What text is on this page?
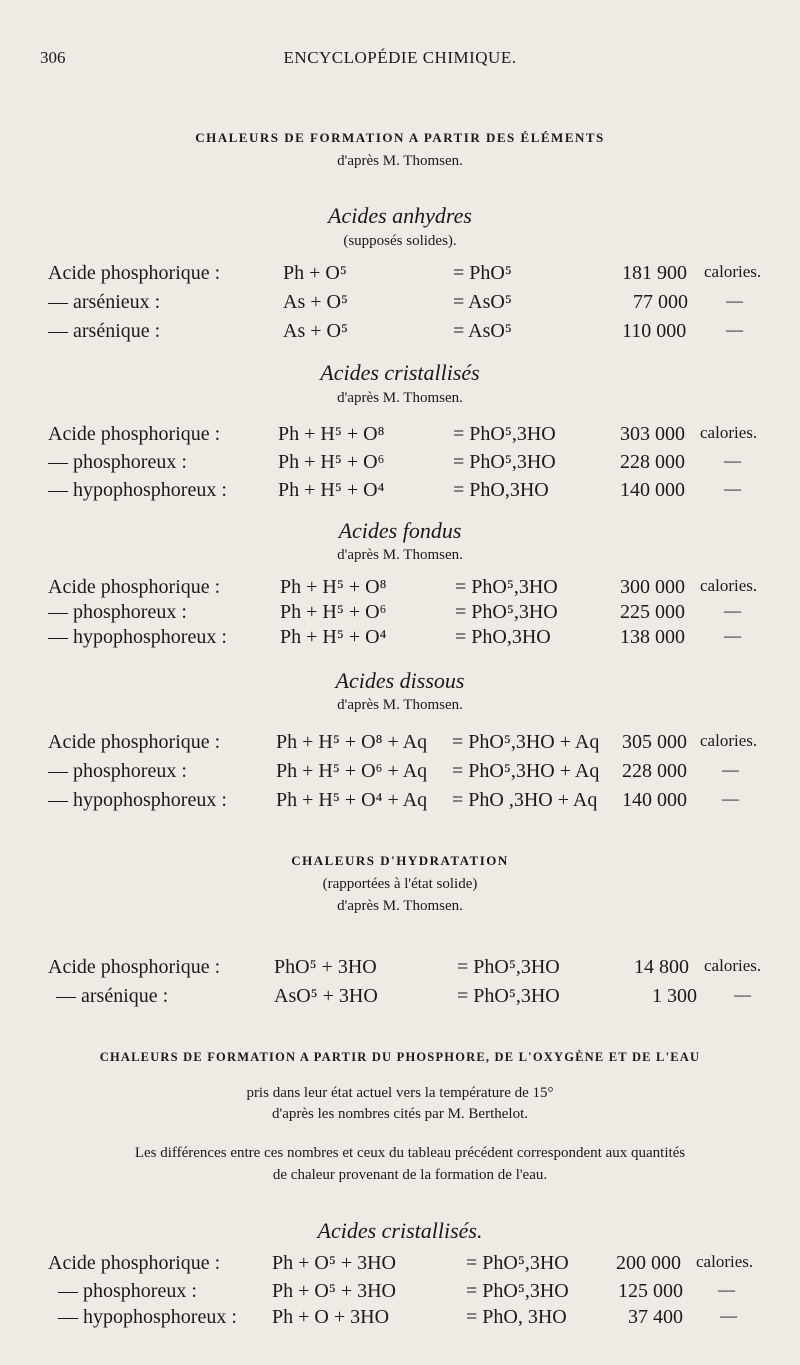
306	ENCYCLOPÉDIE CHIMIQUE.
CHALEURS DE FORMATION A PARTIR DES ÉLÉMENTS
d'après M. Thomsen.
Acides anhydres
(supposés solides).
Acide phosphorique :	Ph + O⁵	= PhO⁵	181 900 calories.
— arsénieux :	As + O⁵	= AsO⁵	77 000 —
— arsénique :	As + O⁵	= AsO⁵	110 000 —
Acides cristallisés
d'après M. Thomsen.
Acide phosphorique :	Ph + H⁵ + O⁸	= PhO⁵,3HO	303 000 calories.
— phosphoreux :	Ph + H⁵ + O⁶	= PhO⁵,3HO	228 000 —
— hypophosphoreux :	Ph + H⁵ + O⁴	= PhO,3HO	140 000 —
Acides fondus
d'après M. Thomsen.
Acide phosphorique :	Ph + H⁵ + O⁸	= PhO⁵,3HO	300 000 calories.
— phosphoreux :	Ph + H⁵ + O⁶	= PhO⁵,3HO	225 000 —
— hypophosphoreux :	Ph + H⁵ + O⁴	= PhO,3HO	138 000 —
Acides dissous
d'après M. Thomsen.
Acide phosphorique :	Ph + H⁵ + O⁸ + Aq = PhO⁵,3HO + Aq 305 000 calories.
— phosphoreux :	Ph + H⁵ + O⁶ + Aq = PhO⁵,3HO + Aq 228 000 —
— hypophosphoreux : Ph + H⁵ + O⁴ + Aq = PhO ,3HO + Aq 140 000 —
CHALEURS D'HYDRATATION
(rapportées à l'état solide)
d'après M. Thomsen.
Acide phosphorique :	PhO⁵ + 3HO	= PhO⁵,3HO	14 800 calories.
— arsénique :	AsO⁵ + 3HO	= PhO⁵,3HO	1 300 —
CHALEURS DE FORMATION A PARTIR DU PHOSPHORE, DE L'OXYGÈNE ET DE L'EAU
pris dans leur état actuel vers la température de 15°
d'après les nombres cités par M. Berthelot.
Les différences entre ces nombres et ceux du tableau précédent correspondent aux quantités
de chaleur provenant de la formation de l'eau.
Acides cristallisés.
Acide phosphorique :	Ph + O⁵ + 3HO	= PhO⁵,3HO 200 000 calories.
— phosphoreux :	Ph + O⁵ + 3HO	= PhO⁵,3HO 125 000 —
— hypophosphoreux : Ph + O + 3HO	= PhO, 3HO	37 400 —
